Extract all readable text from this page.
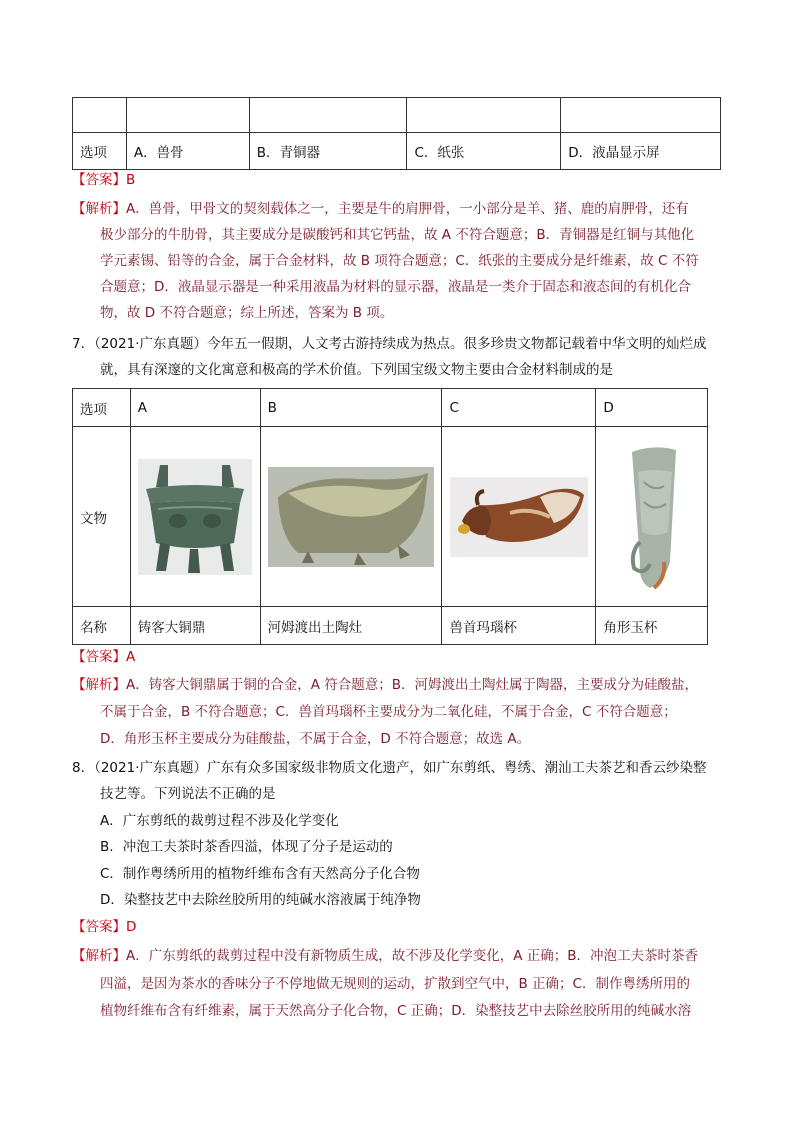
选项	A．兽骨	B．青铜器	C．纸张	D．液晶显示屏
【答案】B
【解析】A．兽骨，甲骨文的契刻载体之一，主要是牛的肩胛骨，一小部分是羊、猪、鹿的肩胛骨，还有
极少部分的牛肋骨，其主要成分是碳酸钙和其它钙盐，故 A 不符合题意；B．青铜器是红铜与其他化
学元素锡、铅等的合金，属于合金材料，故 B 项符合题意；C．纸张的主要成分是纤维素，故 C 不符
合题意；D．液晶显示器是一种采用液晶为材料的显示器，液晶是一类介于固态和液态间的有机化合
物，故 D 不符合题意；综上所述，答案为 B 项。
7．（2021·广东真题）今年五一假期，人文考古游持续成为热点。很多珍贵文物都记载着中华文明的灿烂成
就，具有深邃的文化寓意和极高的学术价值。下列国宝级文物主要由合金材料制成的是
选项	A	B	C	D
文物	

名称	铸客大铜鼎	河姆渡出土陶灶	兽首玛瑙杯	角形玉杯
【答案】A
【解析】A．铸客大铜鼎属于铜的合金，A 符合题意；B．河姆渡出土陶灶属于陶器，主要成分为硅酸盐，
不属于合金，B 不符合题意；C．兽首玛瑙杯主要成分为二氧化硅，不属于合金，C 不符合题意；
D．角形玉杯主要成分为硅酸盐，不属于合金，D 不符合题意；故选 A。
8．（2021·广东真题）广东有众多国家级非物质文化遗产，如广东剪纸、粤绣、潮汕工夫茶艺和香云纱染整
技艺等。下列说法不正确的是
A．广东剪纸的裁剪过程不涉及化学变化
B．冲泡工夫茶时茶香四溢，体现了分子是运动的
C．制作粤绣所用的植物纤维布含有天然高分子化合物
D．染整技艺中去除丝胶所用的纯碱水溶液属于纯净物
【答案】D
【解析】A．广东剪纸的裁剪过程中没有新物质生成，故不涉及化学变化，A 正确；B．冲泡工夫茶时茶香
四溢，是因为茶水的香味分子不停地做无规则的运动，扩散到空气中，B 正确；C．制作粤绣所用的
植物纤维布含有纤维素，属于天然高分子化合物，C 正确；D．染整技艺中去除丝胶所用的纯碱水溶
